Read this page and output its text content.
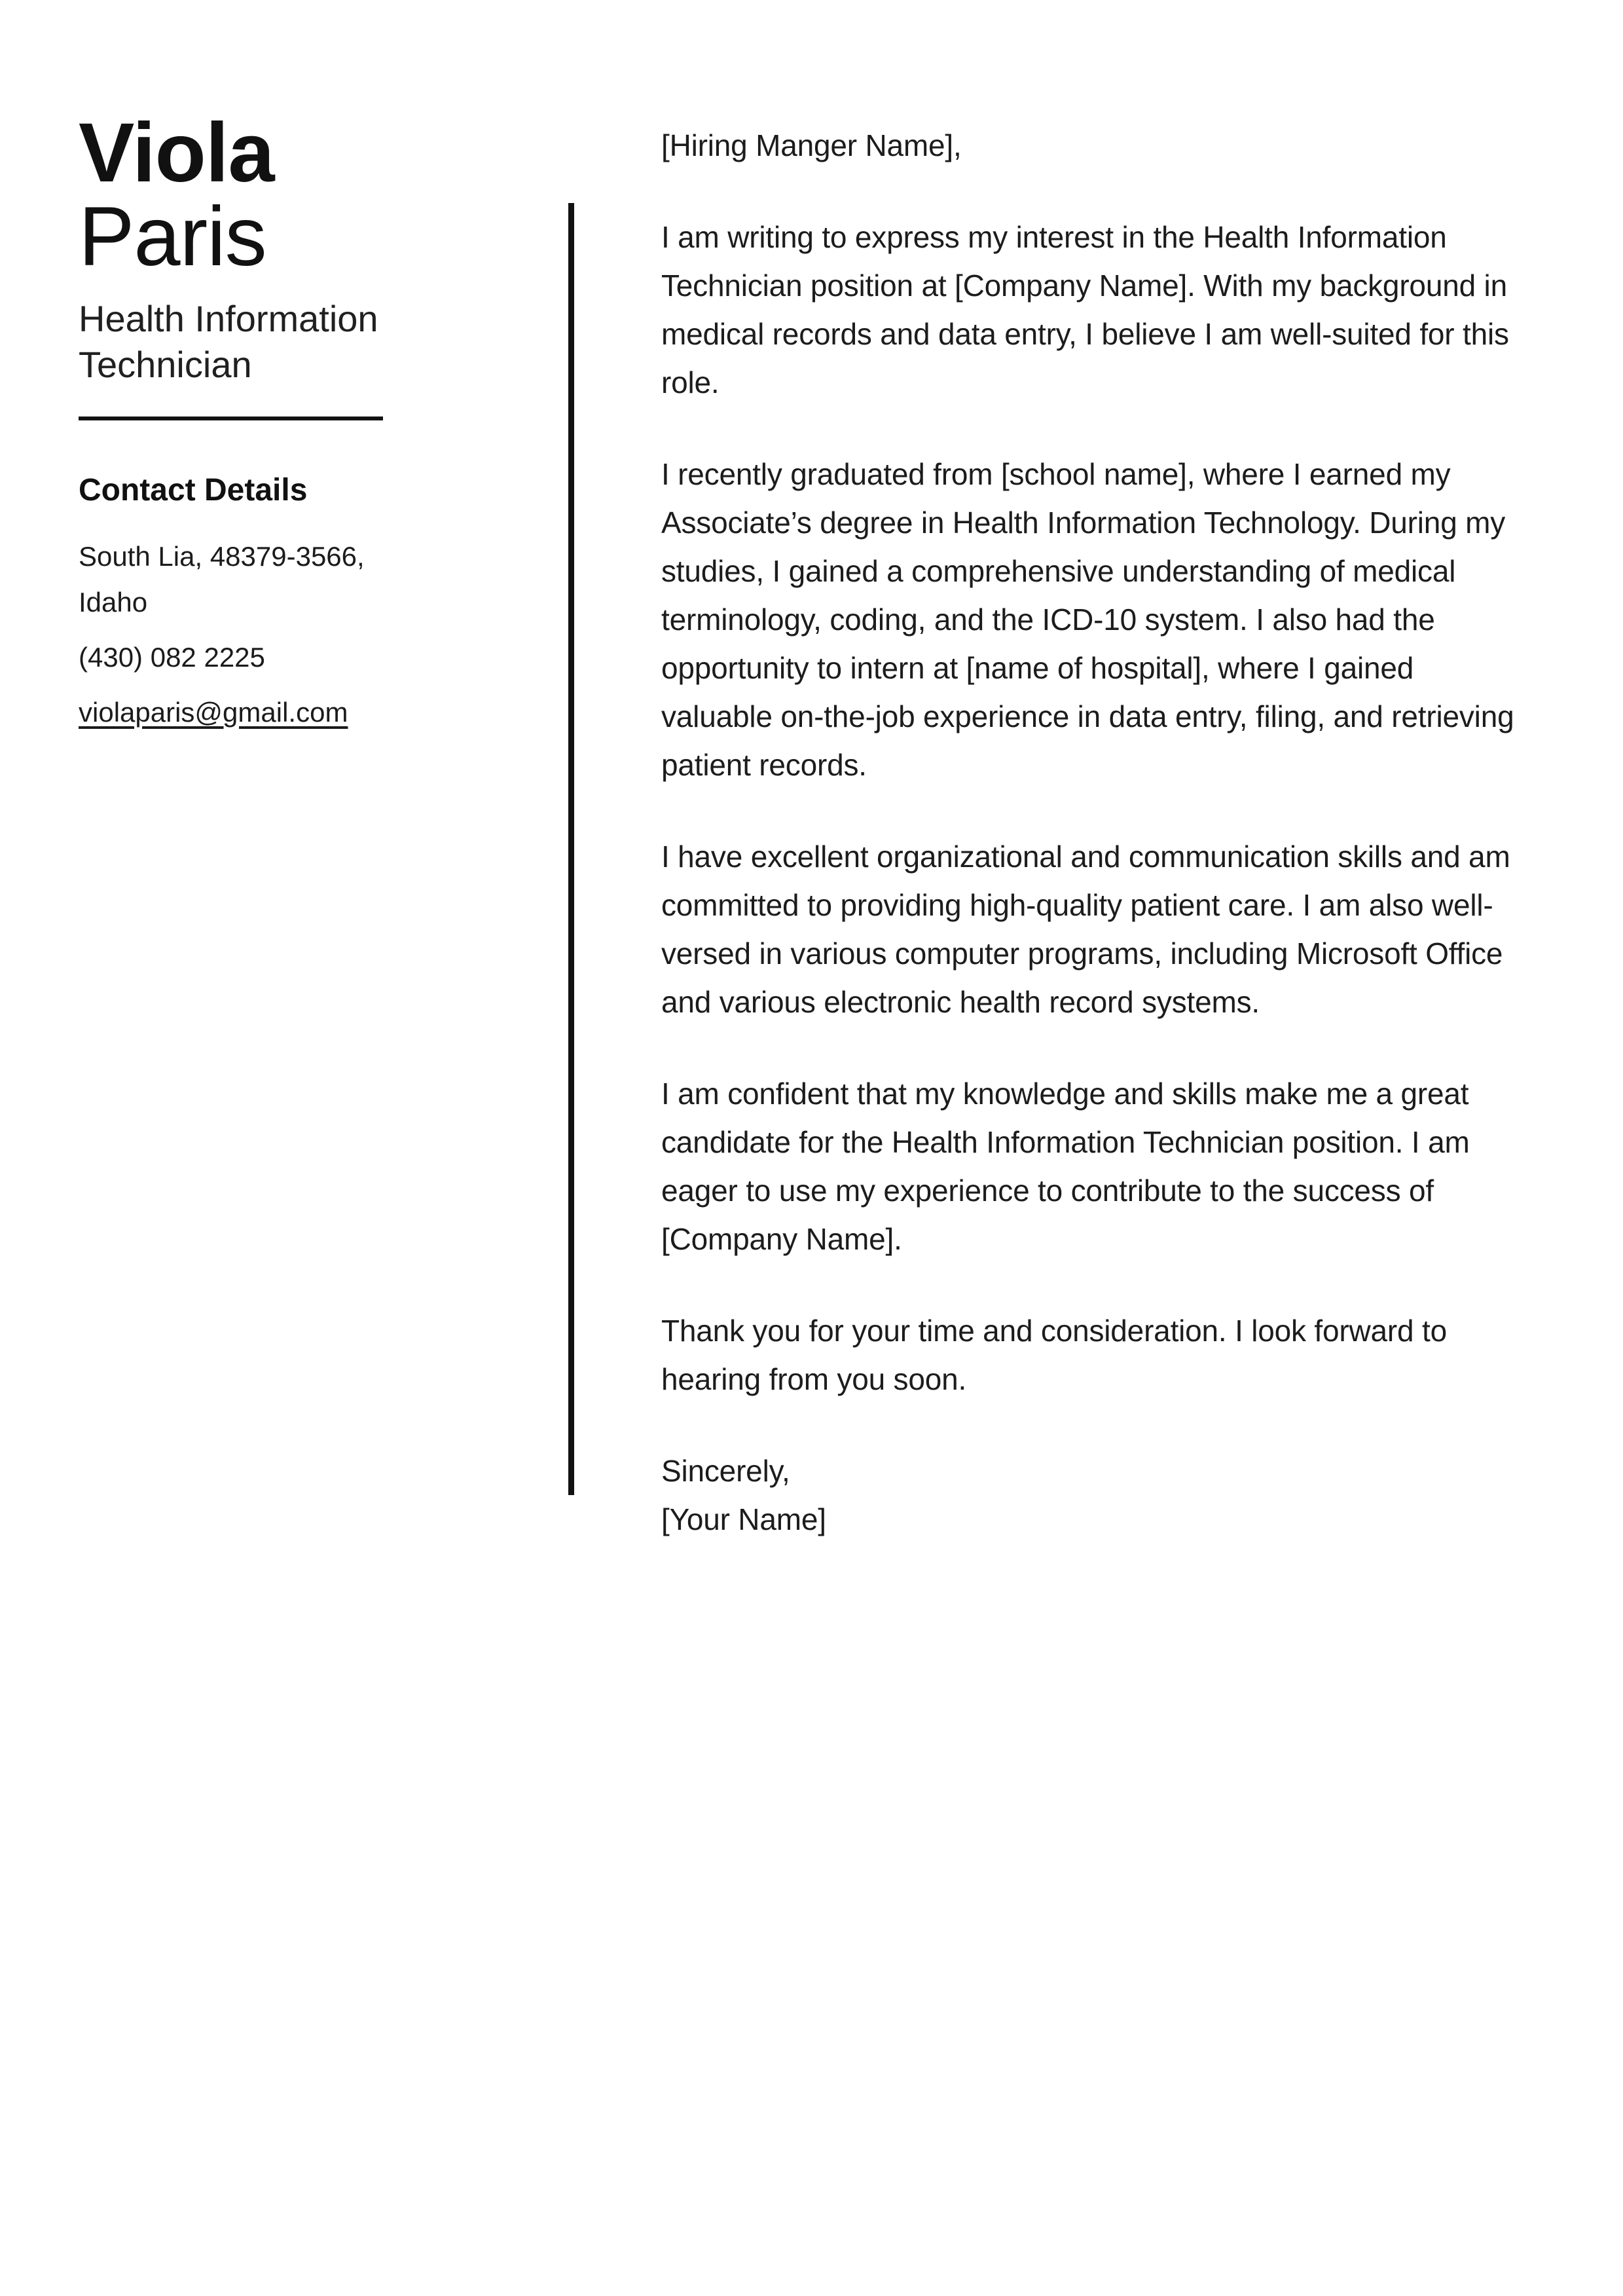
Viola
Paris
Health Information Technician
Contact Details
South Lia, 48379-3566, Idaho
(430) 082 2225
violaparis@gmail.com
[Hiring Manger Name],
I am writing to express my interest in the Health Information Technician position at [Company Name]. With my background in medical records and data entry, I believe I am well-suited for this role.
I recently graduated from [school name], where I earned my Associate’s degree in Health Information Technology. During my studies, I gained a comprehensive understanding of medical terminology, coding, and the ICD-10 system. I also had the opportunity to intern at [name of hospital], where I gained valuable on-the-job experience in data entry, filing, and retrieving patient records.
I have excellent organizational and communication skills and am committed to providing high-quality patient care. I am also well-versed in various computer programs, including Microsoft Office and various electronic health record systems.
I am confident that my knowledge and skills make me a great candidate for the Health Information Technician position. I am eager to use my experience to contribute to the success of [Company Name].
Thank you for your time and consideration. I look forward to hearing from you soon.
Sincerely,
[Your Name]
